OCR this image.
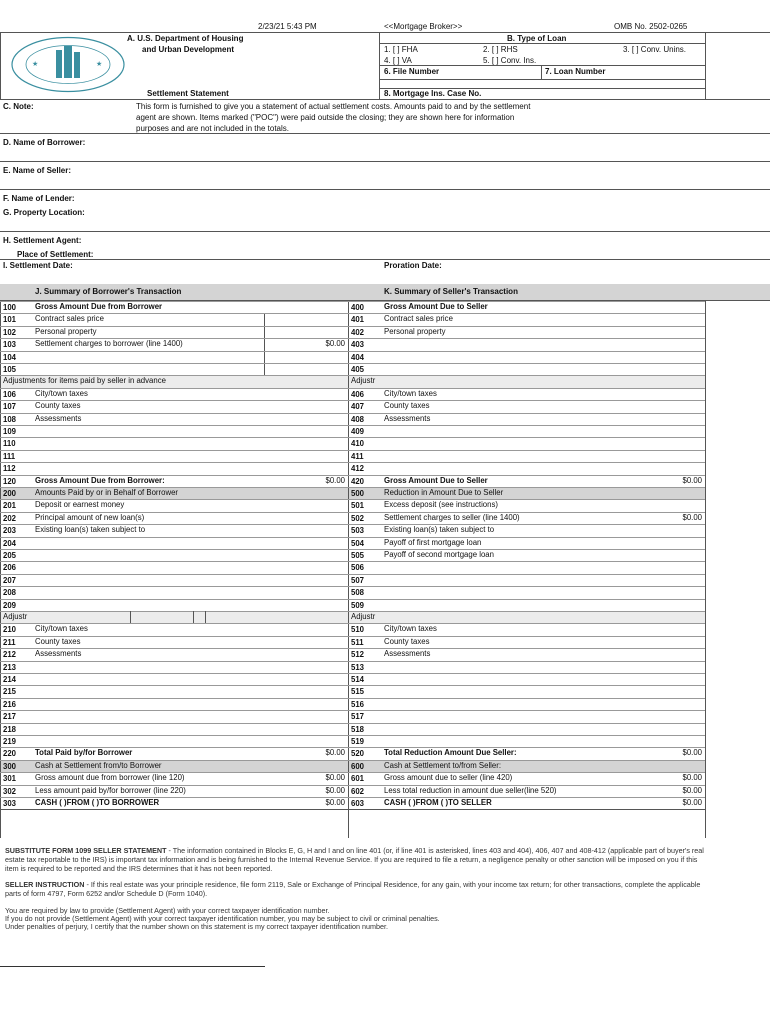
2/23/21 5:43 PM	<<Mortgage Broker>>	OMB No. 2502-0265
★	★
A. U.S. Department of Housing
and Urban Development
Settlement Statement
B. Type of Loan
1. [ ] FHA	2. [ ] RHS	3. [ ] Conv. Unins.
4. [ ] VA	5. [ ] Conv. Ins.
6. File Number	7. Loan Number
8. Mortgage Ins. Case No.
C. Note:	This form is furnished to give you a statement of actual settlement costs. Amounts paid to and by the settlement
agent are shown. Items marked ("POC") were paid outside the closing; they are shown here for information
purposes and are not included in the totals.
D. Name of Borrower:
E. Name of Seller:
F. Name of Lender:
G. Property Location:
H. Settlement Agent:
Place of Settlement:
I. Settlement Date:	Proration Date:
J. Summary of Borrower's Transaction	K. Summary of Seller's Transaction
100 Gross Amount Due from Borrower
101 Contract sales price
102 Personal property
103 Settlement charges to borrower (line 1400)	$0.00
104
105
Adjustments for items paid by seller in advance
106 City/town taxes
107 County taxes
108 Assessments
109
110
111
112
120 Gross Amount Due from Borrower:	$0.00
200 Amounts Paid by or in Behalf of Borrower
201 Deposit or earnest money
202 Principal amount of new loan(s)
203 Existing loan(s) taken subject to
204
205
206
207
208
209
Adjustr
210 City/town taxes
211 County taxes
212 Assessments
213
214
215
216
217
218
219
220 Total Paid by/for Borrower	$0.00
300 Cash at Settlement from/to Borrower
301 Gross amount due from borrower (line 120)	$0.00
302 Less amount paid by/for borrower (line 220)	$0.00
303 CASH ( )FROM ( )TO BORROWER	$0.00
400	Gross Amount Due to Seller
401	Contract sales price
402	Personal property
403
404
405
Adjustr
406	City/town taxes
407	County taxes
408	Assessments
409
410
411
412
420	Gross Amount Due to Seller	$0.00
500	Reduction in Amount Due to Seller
501	Excess deposit (see instructions)
502	Settlement charges to seller (line 1400)	$0.00
503	Existing loan(s) taken subject to
504	Payoff of first mortgage loan
505	Payoff of second mortgage loan
506
507
508
509
Adjustr
510	City/town taxes
511	County taxes
512	Assessments
513
514
515
516
517
518
519
520	Total Reduction Amount Due Seller:	$0.00
600	Cash at Settlement to/from Seller:
601	Gross amount due to seller (line 420)	$0.00
602	Less total reduction in amount due seller(line 520)	$0.00
603	CASH ( )FROM ( )TO SELLER	$0.00
SUBSTITUTE FORM 1099 SELLER STATEMENT - The information contained in Blocks E, G, H and I and on line 401 (or, if line 401 is asterisked, lines 403 and 404), 406, 407 and 408-412 (applicable part of buyer's real estate tax reportable to the IRS) is important tax information and is being furnished to the Internal Revenue Service. If you are required to file a return, a negligence penalty or other sanction will be imposed on you if this item is required to be reported and the IRS determines that it has not been reported.
SELLER INSTRUCTION - If this real estate was your principle residence, file form 2119, Sale or Exchange of Principal Residence, for any gain, with your income tax return; for other transactions, complete the applicable parts of form 4797, Form 6252 and/or Schedule D (Form 1040).
You are required by law to provide (Settlement Agent) with your correct taxpayer identification number.
If you do not provide (Settlement Agent) with your correct taxpayer identification number, you may be subject to civil or criminal penalties.
Under penalties of perjury, I certify that the number shown on this statement is my correct taxpayer identification number.
